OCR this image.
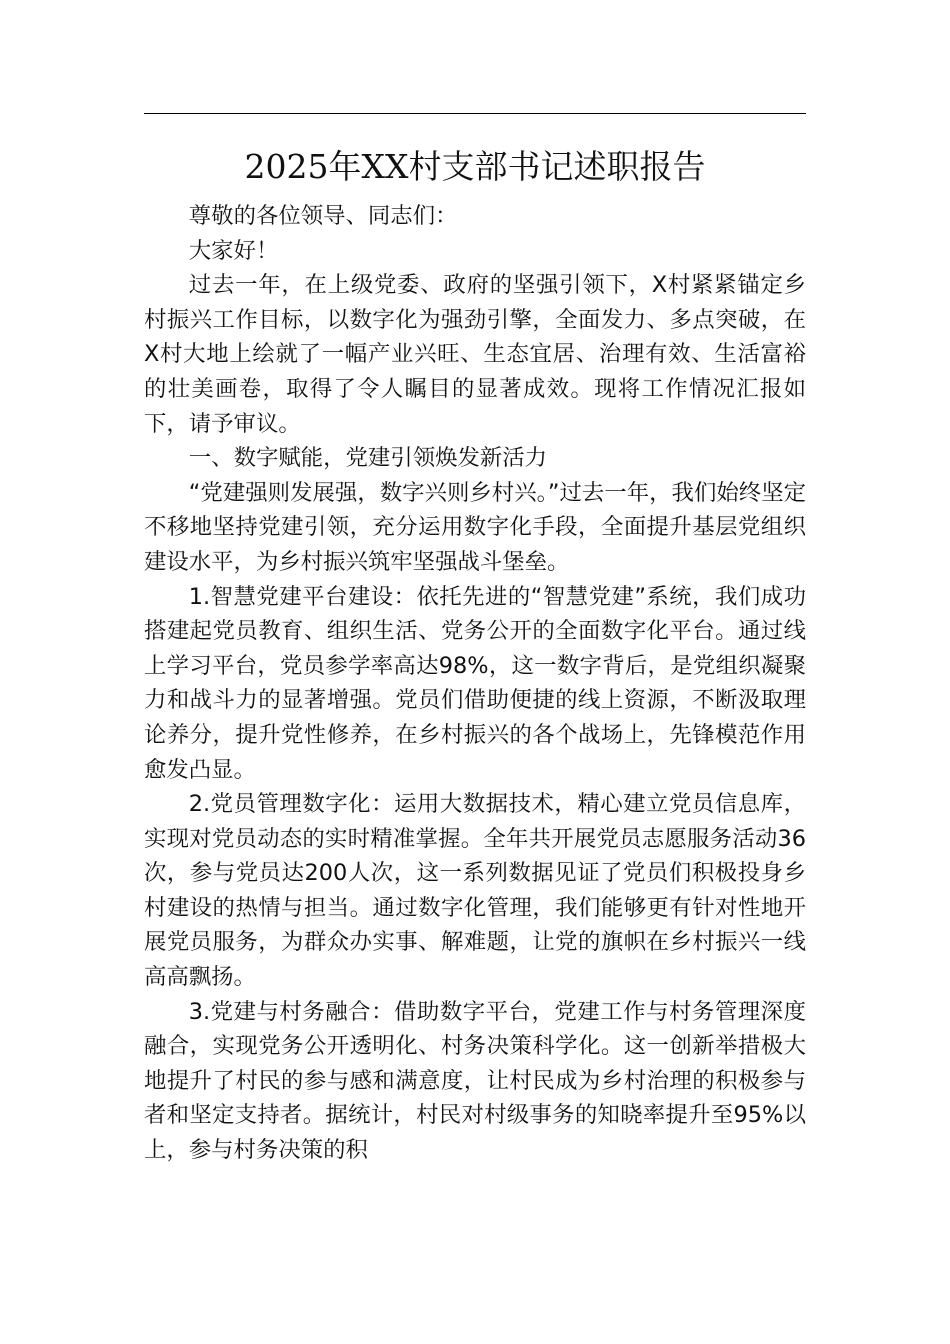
2025年XX村支部书记述职报告

尊敬的各位领导、同志们：

大家好！

过去一年，在上级党委、政府的坚强引领下，X村紧紧锚定乡村振兴工作目标，以数字化为强劲引擎，全面发力、多点突破，在X村大地上绘就了一幅产业兴旺、生态宜居、治理有效、生活富裕的壮美画卷，取得了令人瞩目的显著成效。现将工作情况汇报如下，请予审议。

一、数字赋能，党建引领焕发新活力

“党建强则发展强，数字兴则乡村兴。”过去一年，我们始终坚定不移地坚持党建引领，充分运用数字化手段，全面提升基层党组织建设水平，为乡村振兴筑牢坚强战斗堡垒。

1.智慧党建平台建设：依托先进的“智慧党建”系统，我们成功搭建起党员教育、组织生活、党务公开的全面数字化平台。通过线上学习平台，党员参学率高达98%，这一数字背后，是党组织凝聚力和战斗力的显著增强。党员们借助便捷的线上资源，不断汲取理论养分，提升党性修养，在乡村振兴的各个战场上，先锋模范作用愈发凸显。

2.党员管理数字化：运用大数据技术，精心建立党员信息库，实现对党员动态的实时精准掌握。全年共开展党员志愿服务活动36次，参与党员达200人次，这一系列数据见证了党员们积极投身乡村建设的热情与担当。通过数字化管理，我们能够更有针对性地开展党员服务，为群众办实事、解难题，让党的旗帜在乡村振兴一线高高飘扬。

3.党建与村务融合：借助数字平台，党建工作与村务管理深度融合，实现党务公开透明化、村务决策科学化。这一创新举措极大地提升了村民的参与感和满意度，让村民成为乡村治理的积极参与者和坚定支持者。据统计，村民对村级事务的知晓率提升至95%以上，参与村务决策的积
